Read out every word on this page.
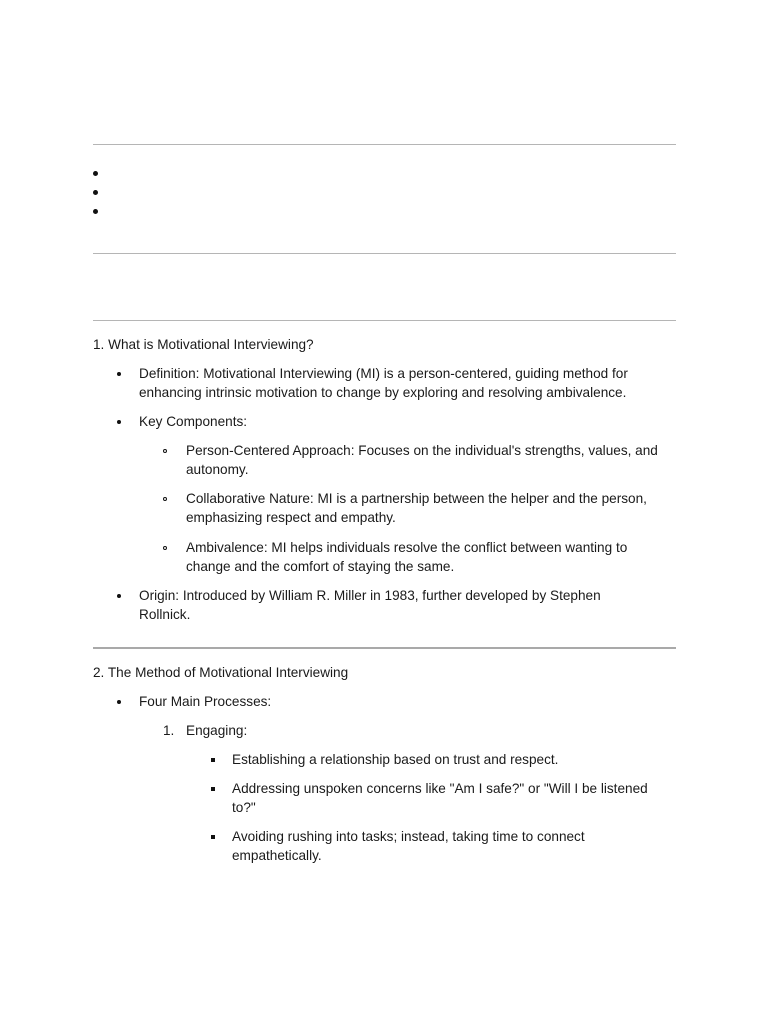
1. What is Motivational Interviewing?
Definition: Motivational Interviewing (MI) is a person-centered, guiding method for
enhancing intrinsic motivation to change by exploring and resolving ambivalence.
Key Components:
Person-Centered Approach: Focuses on the individual's strengths, values, and
autonomy.
Collaborative Nature: MI is a partnership between the helper and the person,
emphasizing respect and empathy.
Ambivalence: MI helps individuals resolve the conflict between wanting to
change and the comfort of staying the same.
Origin: Introduced by William R. Miller in 1983, further developed by Stephen
Rollnick.
2. The Method of Motivational Interviewing
Four Main Processes:
1. Engaging:
Establishing a relationship based on trust and respect.
Addressing unspoken concerns like "Am I safe?" or "Will I be listened
to?"
Avoiding rushing into tasks; instead, taking time to connect
empathetically.
